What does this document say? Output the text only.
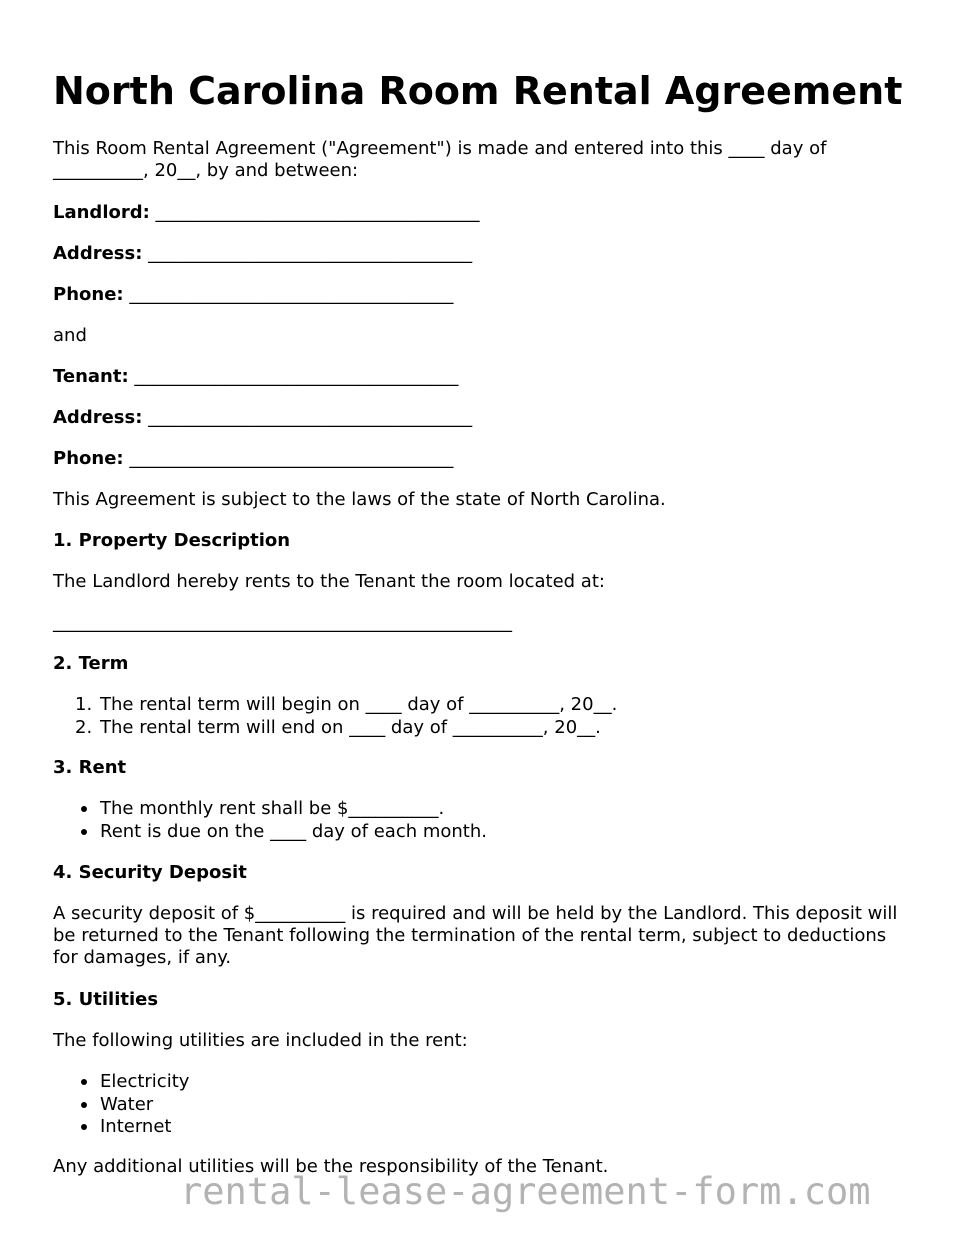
North Carolina Room Rental Agreement

This Room Rental Agreement ("Agreement") is made and entered into this ____ day of __________, 20__, by and between:

Landlord: ____________________________________

Address: ____________________________________

Phone: ____________________________________

and

Tenant: ____________________________________

Address: ____________________________________

Phone: ____________________________________

This Agreement is subject to the laws of the state of North Carolina.

1. Property Description

The Landlord hereby rents to the Tenant the room located at:

___________________________________________________

2. Term

1. The rental term will begin on ____ day of __________, 20__.
2. The rental term will end on ____ day of __________, 20__.

3. Rent

The monthly rent shall be $__________.
Rent is due on the ____ day of each month.

4. Security Deposit

A security deposit of $__________ is required and will be held by the Landlord. This deposit will be returned to the Tenant following the termination of the rental term, subject to deductions for damages, if any.

5. Utilities

The following utilities are included in the rent:

Electricity
Water
Internet

Any additional utilities will be the responsibility of the Tenant.

rental-lease-agreement-form.com
